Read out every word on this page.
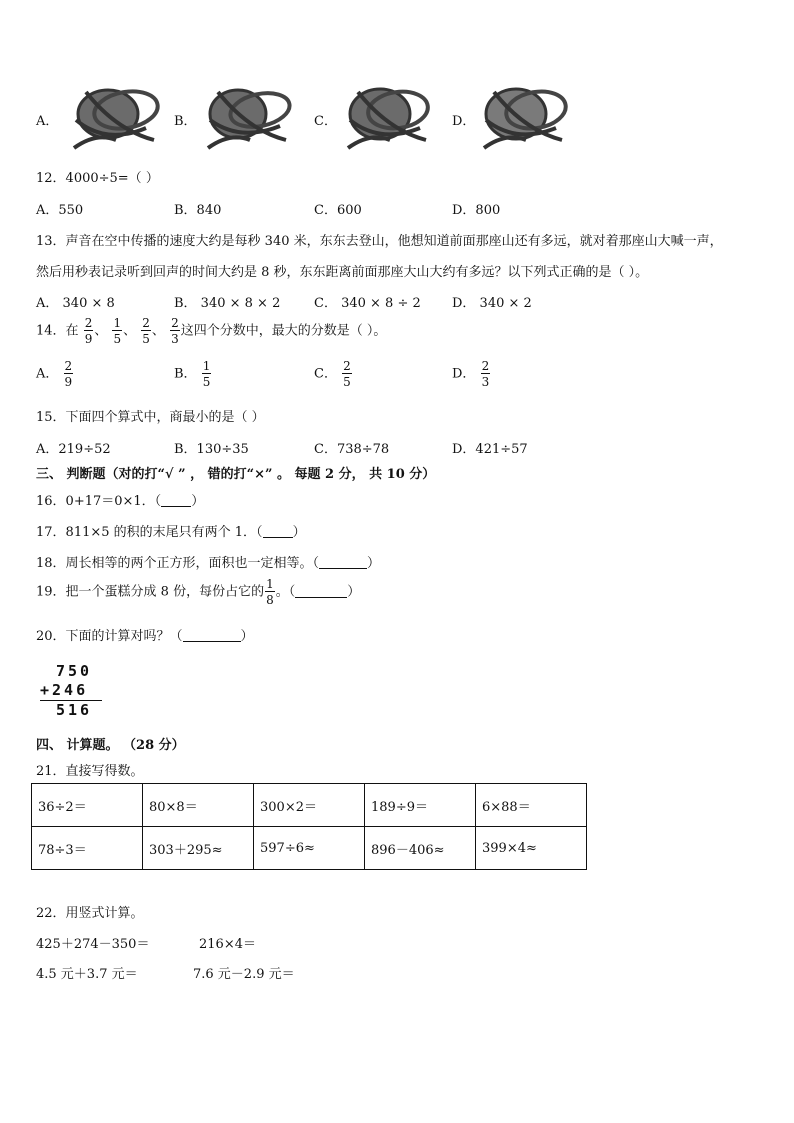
A．	B．	C．	D．
12．4000÷5=（ ）
A．550	B．840	C．600	D．800
13．声音在空中传播的速度大约是每秒 340 米，东东去登山，他想知道前面那座山还有多远，就对着那座山大喊一声，
然后用秒表记录听到回声的时间大约是 8 秒，东东距离前面那座大山大约有多远？以下列式正确的是（ ）。
A． 340 × 8	B． 340 × 8 × 2	C． 340 × 8 ÷ 2 D． 340 × 2
14．在 $\frac{2}{9}$ 、 $\frac{1}{5}$ 、 $\frac{2}{5}$ 、 $\frac{2}{3}$ 这四个分数中，最大的分数是（ ）。
A． $\frac{2}{9}$	B． $\frac{1}{5}$	C． $\frac{2}{5}$	D． $\frac{2}{3}$
15．下面四个算式中，商最小的是（ ）
A．219÷52	B．130÷35	C．738÷78	D．421÷57
三、 判断题（对的打“√ ” ， 错的打“×” 。 每题 2 分， 共 10 分）
16．0+17＝0×1．（ ）
17．811×5 的积的末尾只有两个 1．（ ）
18．周长相等的两个正方形，面积也一定相等。（	）
19．把一个蛋糕分成 8 份，每份占它的 $\frac{1}{8}$ 。（	）
20．下面的计算对吗？（	）
750
+246
516
四、 计算题。 （28 分）
21．直接写得数。
36÷2＝	80×8＝	300×2＝	189÷9＝	6×88＝
78÷3＝	303＋295≈	597÷6≈	896－406≈	399×4≈
22．用竖式计算。
425＋274－350＝	216×4＝
4.5 元＋3.7 元＝	7.6 元－2.9 元＝
